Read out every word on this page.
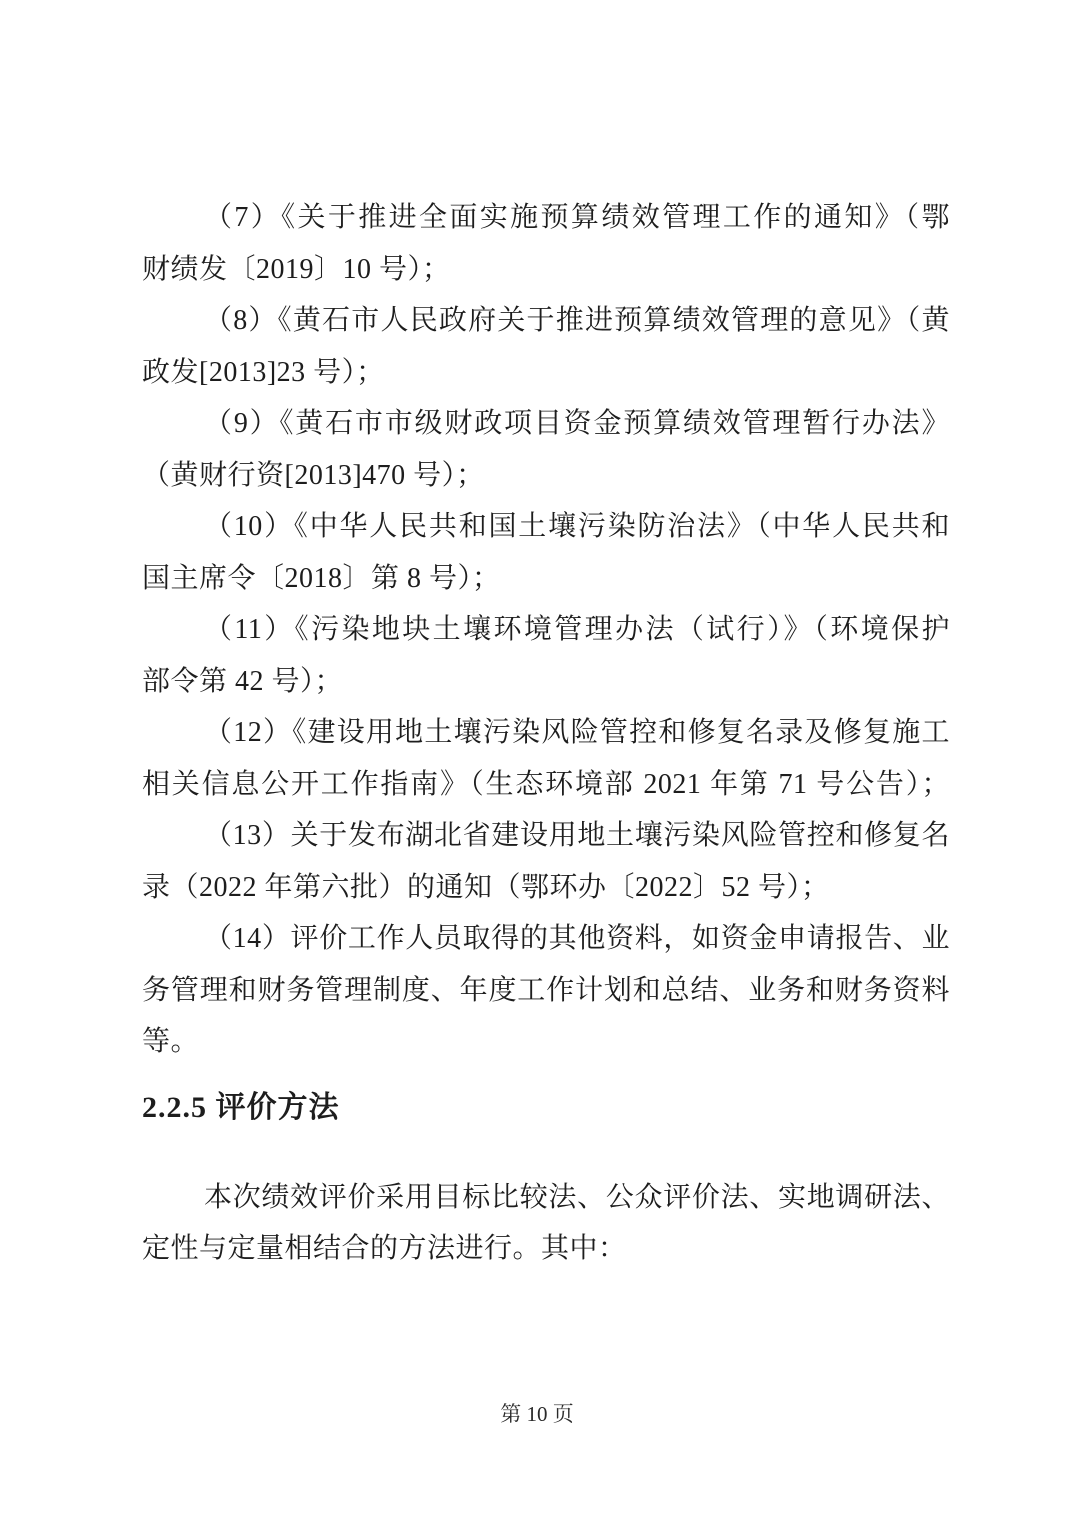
（7）《关于推进全面实施预算绩效管理工作的通知》（鄂
财绩发〔2019〕10 号）；
（8）《黄石市人民政府关于推进预算绩效管理的意见》（黄
政发[2013]23 号）；
（9）《黄石市市级财政项目资金预算绩效管理暂行办法》
（黄财行资[2013]470 号）；
（10）《中华人民共和国土壤污染防治法》（中华人民共和
国主席令〔2018〕第 8 号）；
（11）《污染地块土壤环境管理办法（试行）》（环境保护
部令第 42 号）；
（12）《建设用地土壤污染风险管控和修复名录及修复施工
相关信息公开工作指南》（生态环境部 2021 年第 71 号公告）；
（13）关于发布湖北省建设用地土壤污染风险管控和修复名
录（2022 年第六批）的通知（鄂环办〔2022〕52 号）；
（14）评价工作人员取得的其他资料，如资金申请报告、业
务管理和财务管理制度、年度工作计划和总结、业务和财务资料
等。
2.2.5 评价方法
本次绩效评价采用目标比较法、公众评价法、实地调研法、
定性与定量相结合的方法进行。其中：
第 10 页
